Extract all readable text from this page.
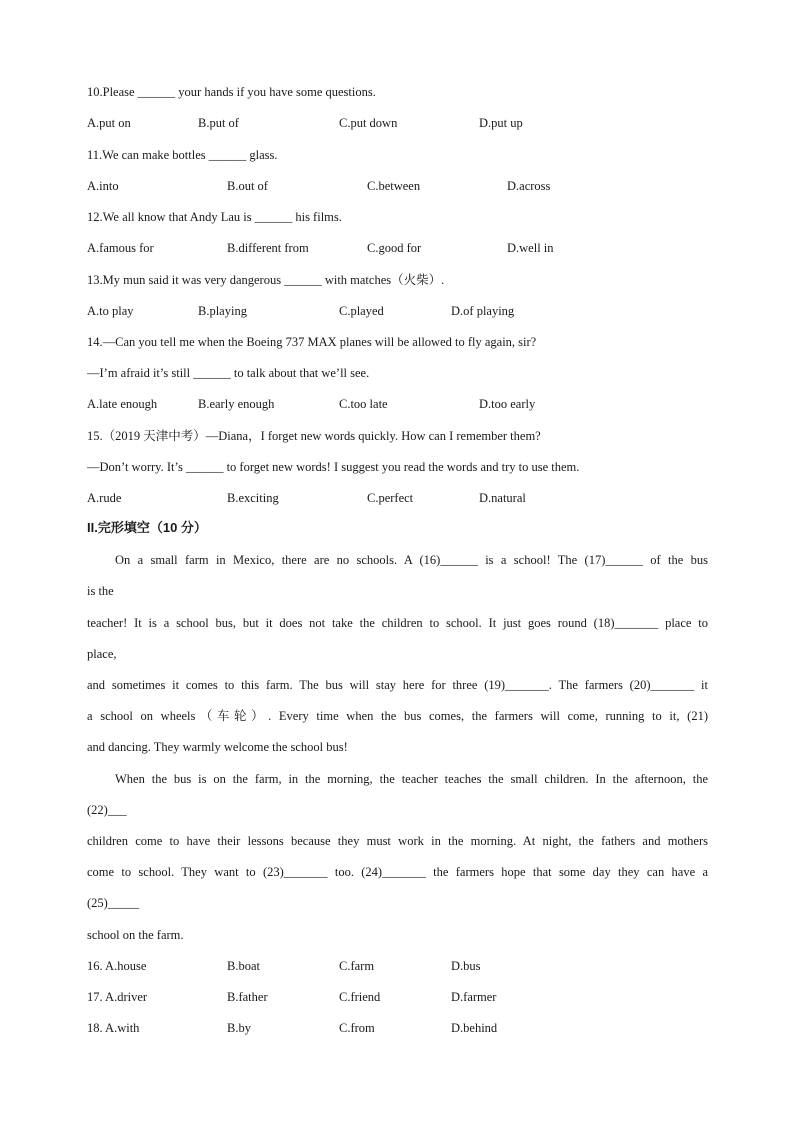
10.Please ______ your hands if you have some questions.
A.put on	B.put of	C.put down	D.put up
11.We can make bottles ______ glass.
A.into	B.out of	C.between	D.across
12.We all know that Andy Lau is ______ his films.
A.famous for	B.different from	C.good for	D.well in
13.My mun said it was very dangerous ______ with matches（火柴）.
A.to play	B.playing	C.played	D.of playing
14.—Can you tell me when the Boeing 737 MAX planes will be allowed to fly again, sir?
—I’m afraid it’s still ______ to talk about that we’ll see.
A.late enough	B.early enough	C.too late	D.too early
15.（2019 天津中考）—Diana，I forget new words quickly. How can I remember them?
—Don’t worry. It’s ______ to forget new words! I suggest you read the words and try to use them.
A.rude	B.exciting	C.perfect	D.natural
II.完形填空（10 分）
On a small farm in Mexico, there are no schools. A (16)______ is a school! The (17)______ of the bus
is the
teacher! It is a school bus, but it does not take the children to school. It just goes round (18)_______ place to
place,
and sometimes it comes to this farm. The bus will stay here for three (19)_______. The farmers (20)_______ it
a school on wheels（车轮）. Every time when the bus comes, the farmers will come, running to it, (21)
and dancing. They warmly welcome the school bus!
When the bus is on the farm, in the morning, the teacher teaches the small children. In the afternoon, the
(22)___
children come to have their lessons because they must work in the morning. At night, the fathers and mothers
come to school. They want to (23)_______ too. (24)_______ the farmers hope that some day they can have a
(25)_____
school on the farm.
16. A.house	B.boat	C.farm	D.bus
17. A.driver	B.father	C.friend	D.farmer
18. A.with	B.by	C.from	D.behind
